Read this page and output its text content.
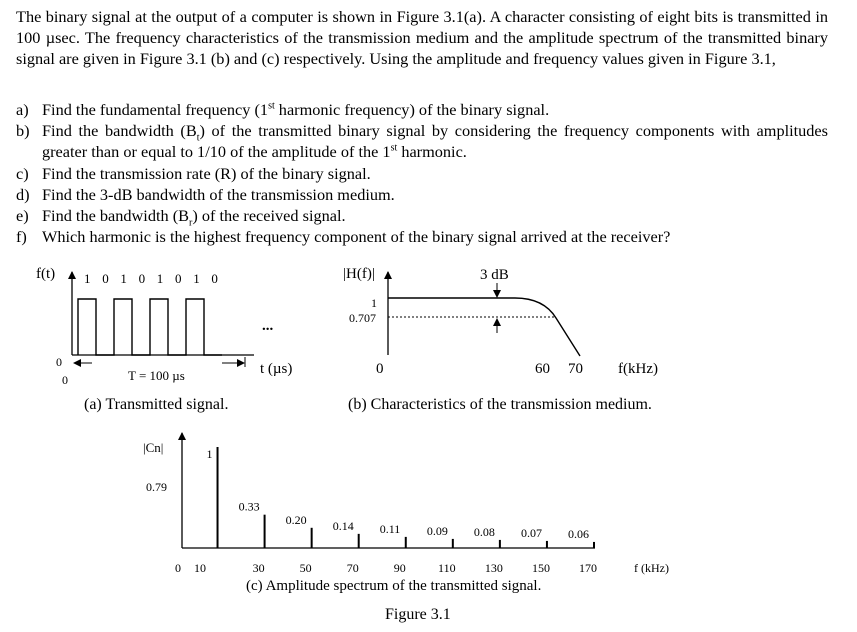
The binary signal at the output of a computer is shown in Figure 3.1(a). A character consisting of eight bits is transmitted in 100 µsec. The frequency characteristics of the transmission medium and the amplitude spectrum of the transmitted binary signal are given in Figure 3.1 (b) and (c) respectively. Using the amplitude and frequency values given in Figure 3.1,

a) Find the fundamental frequency (1st harmonic frequency) of the binary signal.
b) Find the bandwidth $(B_t)$ of the transmitted binary signal by considering the frequency components with amplitudes greater than or equal to 1/10 of the amplitude of the 1st harmonic.
c) Find the transmission rate (R) of the binary signal.
d) Find the 3-dB bandwidth of the transmission medium.
e) Find the bandwidth $(B_r)$ of the received signal.
f) Which harmonic is the highest frequency component of the binary signal arrived at the receiver?
f(t) 1 0 1 0 1 0 1 0
...
0
0	T = 100 µs	t (µs)
(a) Transmitted signal.
|H(f)|
1
0.707
3 dB
0	60 70 f(kHz)
(b) Characteristics of the transmission medium.
|Cn|
0.79
1
0.33
0.20 0.14 0.11 0.09 0.08 0.07 0.06
0 10	30	50	70	90	110 130 150 170	f (kHz)
(c) Amplitude spectrum of the transmitted signal.
Figure 3.1
